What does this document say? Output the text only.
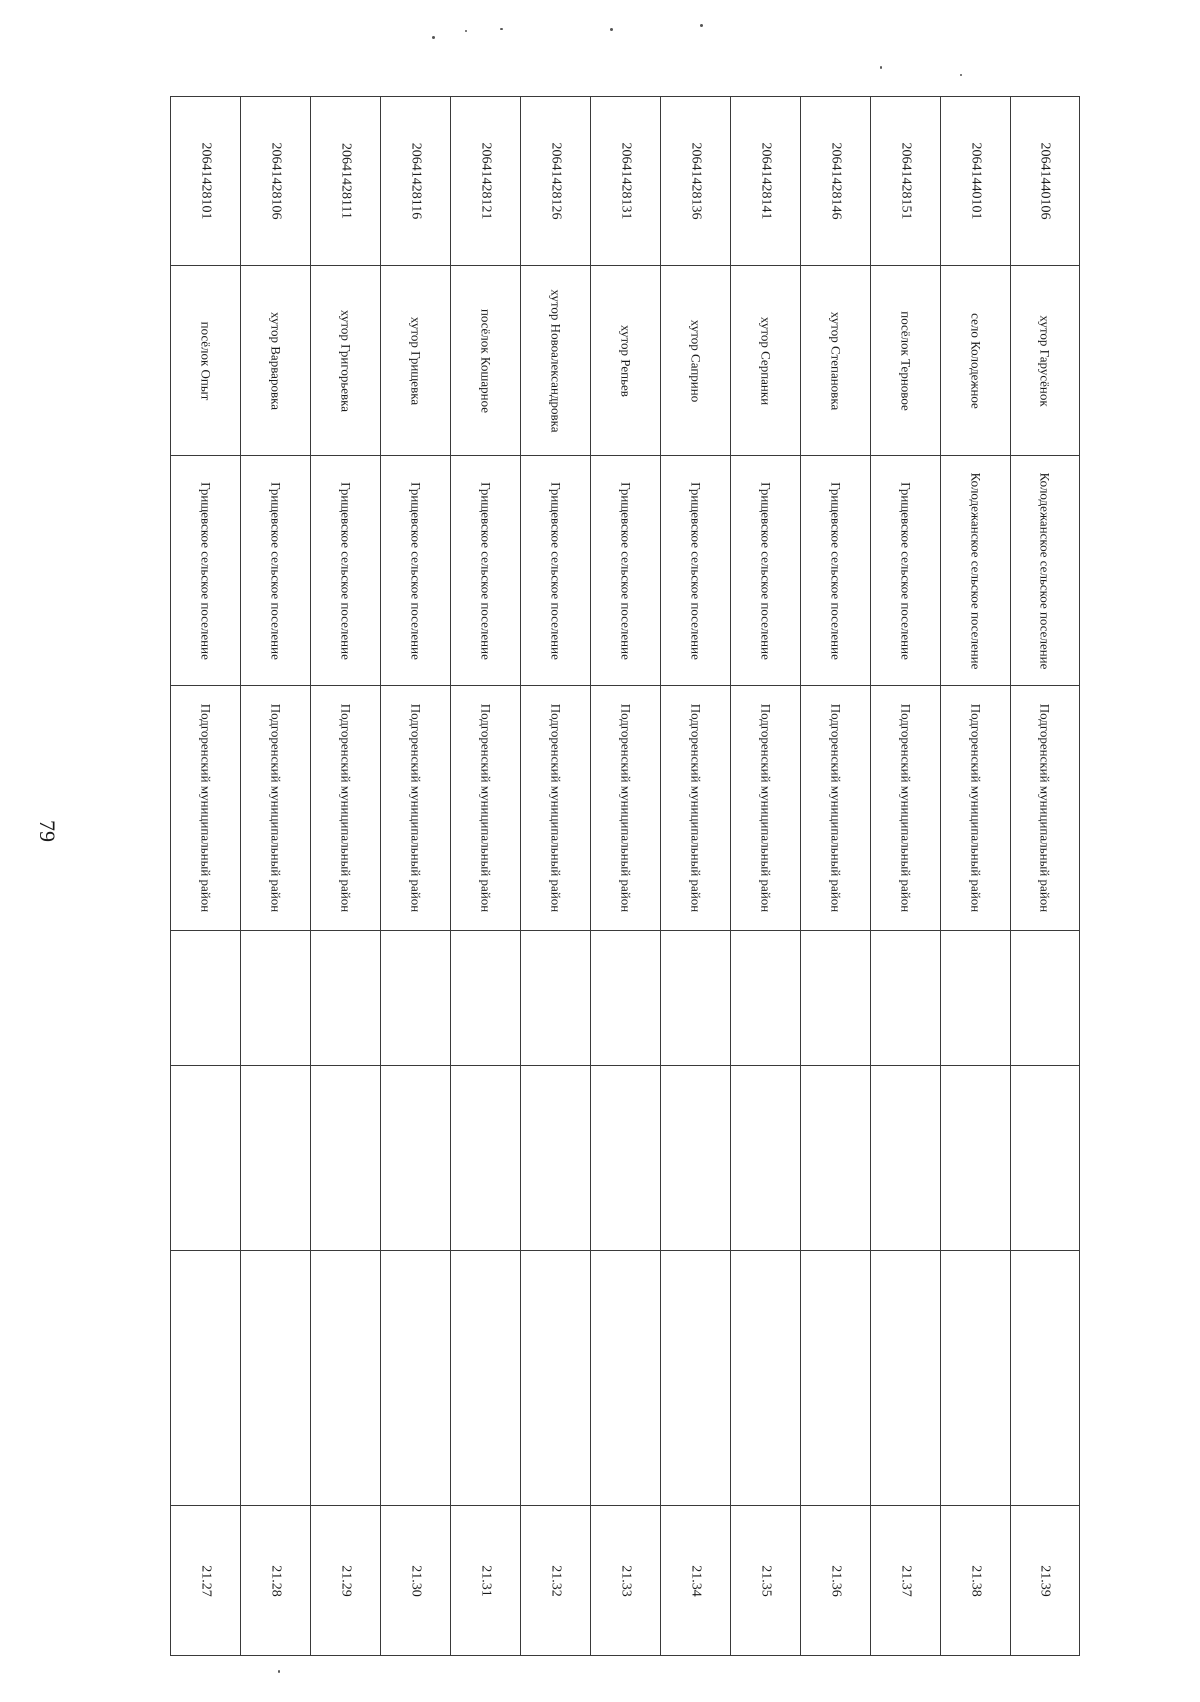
79
20641428101
посёлок Опыт
Грищевское сельское поселение
Подгоренский муниципальный район
21.27
20641428106
хутор Варваровка
Грищевское сельское поселение
Подгоренский муниципальный район
21.28
20641428111
хутор Григорьевка
Грищевское сельское поселение
Подгоренский муниципальный район
21.29
20641428116
хутор Грищевка
Грищевское сельское поселение
Подгоренский муниципальный район
21.30
20641428121
посёлок Кошарное
Грищевское сельское поселение
Подгоренский муниципальный район
21.31
20641428126
хутор Новоалександровка
Грищевское сельское поселение
Подгоренский муниципальный район
21.32
20641428131
хутор Репьев
Грищевское сельское поселение
Подгоренский муниципальный район
21.33
20641428136
хутор Саприно
Грищевское сельское поселение
Подгоренский муниципальный район
21.34
20641428141
хутор Серпанки
Грищевское сельское поселение
Подгоренский муниципальный район
21.35
20641428146
хутор Степановка
Грищевское сельское поселение
Подгоренский муниципальный район
21.36
20641428151
посёлок Терновое
Грищевское сельское поселение
Подгоренский муниципальный район
21.37
20641440101
село Колодежное
Колодежанское сельское поселение
Подгоренский муниципальный район
21.38
20641440106
хутор Гарусёнок
Колодежанское сельское поселение
Подгоренский муниципальный район
21.39
